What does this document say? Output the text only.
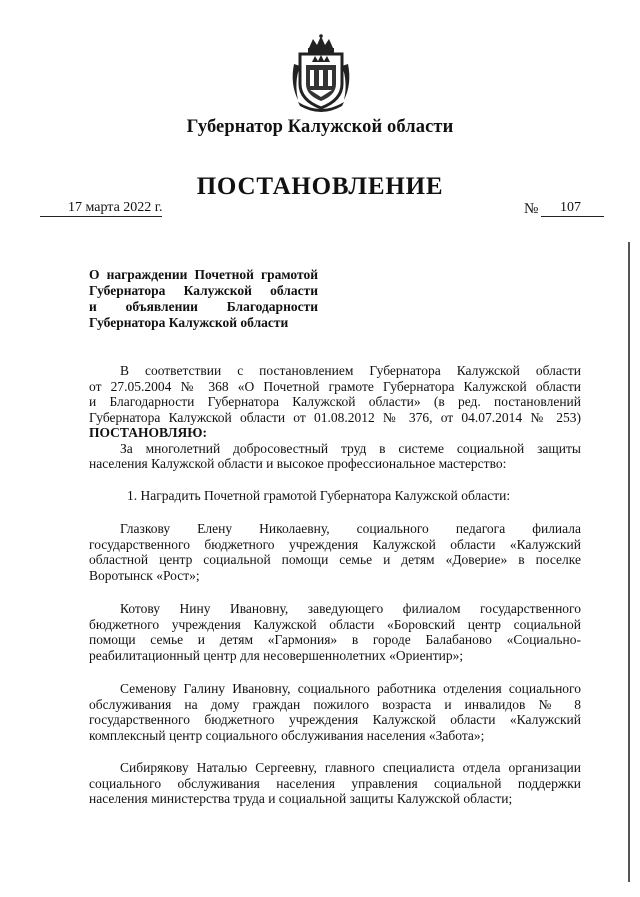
Губернатор Калужской области
ПОСТАНОВЛЕНИЕ
17 марта 2022 г.	№ 107
О награждении Почетной грамотой
Губернатора Калужской области
и объявлении Благодарности
Губернатора Калужской области
В соответствии с постановлением Губернатора Калужской области
от 27.05.2004 № 368 «О Почетной грамоте Губернатора Калужской области
и Благодарности Губернатора Калужской области» (в ред. постановлений
Губернатора Калужской области от 01.08.2012 № 376, от 04.07.2014 № 253)
ПОСТАНОВЛЯЮ:
За многолетний добросовестный труд в системе социальной защиты
населения Калужской области и высокое профессиональное мастерство:
1. Наградить Почетной грамотой Губернатора Калужской области:
Глазкову Елену Николаевну, социального педагога филиала
государственного бюджетного учреждения Калужской области «Калужский
областной центр социальной помощи семье и детям «Доверие» в поселке
Воротынск «Рост»;
Котову Нину Ивановну, заведующего филиалом государственного
бюджетного учреждения Калужской области «Боровский центр социальной
помощи семье и детям «Гармония» в городе Балабаново «Социально-
реабилитационный центр для несовершеннолетних «Ориентир»;
Семенову Галину Ивановну, социального работника отделения социального
обслуживания на дому граждан пожилого возраста и инвалидов № 8
государственного бюджетного учреждения Калужской области «Калужский
комплексный центр социального обслуживания населения «Забота»;
Сибирякову Наталью Сергеевну, главного специалиста отдела организации
социального обслуживания населения управления социальной поддержки
населения министерства труда и социальной защиты Калужской области;
